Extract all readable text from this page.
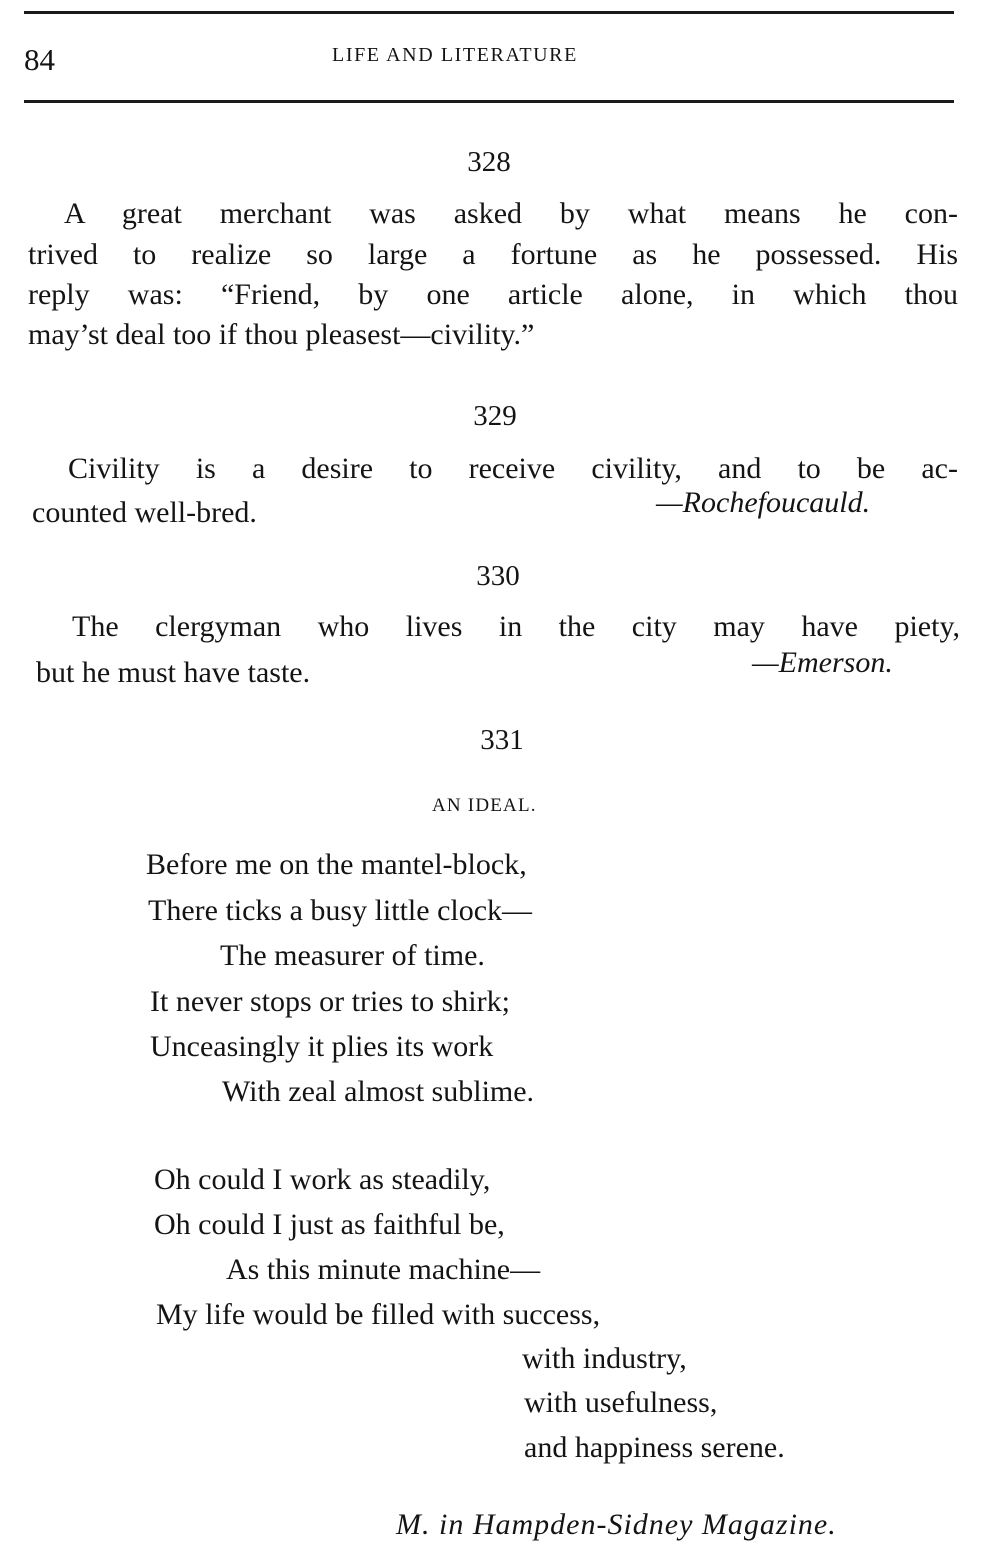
84	LIFE AND LITERATURE
328
A great merchant was asked by what means he con-
trived to realize so large a fortune as he possessed. His
reply was: “Friend, by one article alone, in which thou
may’st deal too if thou pleasest—civility.”
329
Civility is a desire to receive civility, and to be ac-
counted well-bred.	—Rochefoucauld.
330
The clergyman who lives in the city may have piety,
but he must have taste.	—Emerson.
331
AN IDEAL.
Before me on the mantel-block,
There ticks a busy little clock—
The measurer of time.
It never stops or tries to shirk;
Unceasingly it plies its work
With zeal almost sublime.
Oh could I work as steadily,
Oh could I just as faithful be,
As this minute machine—
My life would be filled with success,
with industry,
with usefulness,
and happiness serene.
M. in Hampden-Sidney Magazine.
